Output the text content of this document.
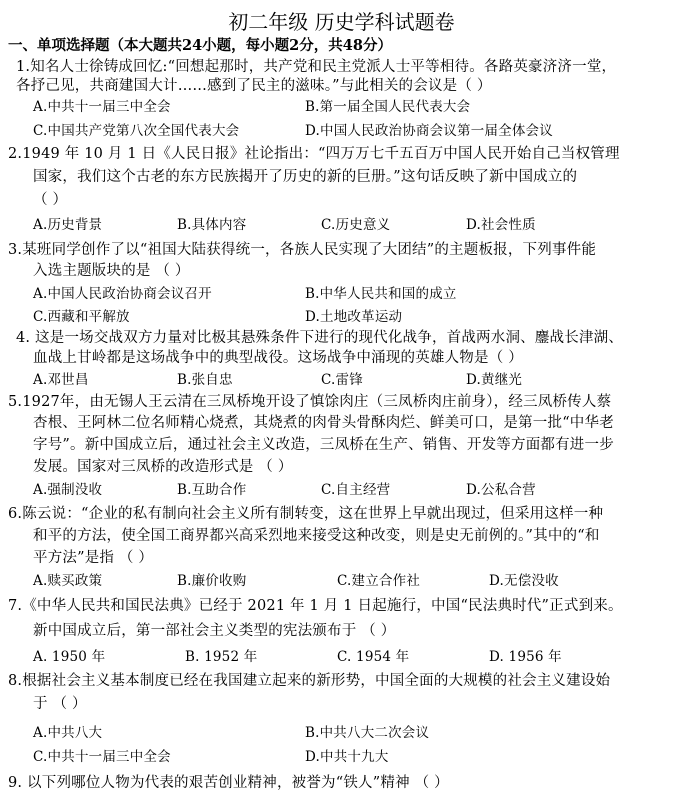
初二年级 历史学科试题卷
一、单项选择题（本大题共24小题，每小题2分，共48分）
1.知名人士徐铸成回忆:“回想起那时，共产党和民主党派人士平等相待。各路英豪济济一堂，
各抒己见，共商建国大计……感到了民主的滋味。”与此相关的会议是（ ）
A.中共十一届三中全会	B.第一届全国人民代表大会
C.中国共产党第八次全国代表大会	D.中国人民政治协商会议第一届全体会议
2.1949 年 10 月 1 日《人民日报》社论指出：“四万万七千五百万中国人民开始自己当权管理
国家，我们这个古老的东方民族揭开了历史的新的巨册。”这句话反映了新中国成立的
（ ）
A.历史背景	B.具体内容	C.历史意义	D.社会性质
3.某班同学创作了以“祖国大陆获得统一，各族人民实现了大团结”的主题板报，下列事件能
入选主题版块的是 （ ）
A.中国人民政治协商会议召开	B.中华人民共和国的成立
C.西藏和平解放	D.土地改革运动
4. 这是一场交战双方力量对比极其悬殊条件下进行的现代化战争，首战两水洞、鏖战长津湖、
血战上甘岭都是这场战争中的典型战役。这场战争中涌现的英雄人物是（ ）
A.邓世昌	B.张自忠	C.雷锋	D.黄继光
5.1927年，由无锡人王云清在三凤桥堍开设了慎馀肉庄（三凤桥肉庄前身），经三凤桥传人蔡
杏根、王阿林二位名师精心烧煮，其烧煮的肉骨头骨酥肉烂、鲜美可口，是第一批“中华老
字号”。新中国成立后，通过社会主义改造，三凤桥在生产、销售、开发等方面都有进一步
发展。国家对三凤桥的改造形式是 （ ）
A.强制没收	B.互助合作	C.自主经营	D.公私合营
6.陈云说：“企业的私有制向社会主义所有制转变，这在世界上早就出现过，但采用这样一种
和平的方法，使全国工商界都兴高采烈地来接受这种改变，则是史无前例的。”其中的“和
平方法”是指 （ ）
A.赎买政策	B.廉价收购	C.建立合作社	D.无偿没收
7.《中华人民共和国民法典》已经于 2021 年 1 月 1 日起施行，中国“民法典时代”正式到来。
新中国成立后，第一部社会主义类型的宪法颁布于 （ ）
A. 1950 年	B. 1952 年	C. 1954 年	D. 1956 年
8.根据社会主义基本制度已经在我国建立起来的新形势，中国全面的大规模的社会主义建设始
于 （ ）
A.中共八大	B.中共八大二次会议
C.中共十一届三中全会	D.中共十九大
9. 以下列哪位人物为代表的艰苦创业精神，被誉为“铁人”精神 （ ）
